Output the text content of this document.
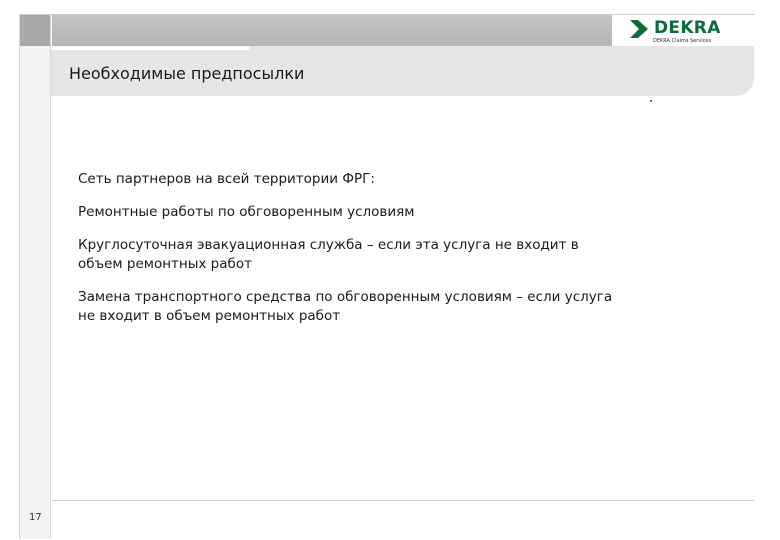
DEKRA
DEKRA Claims Services
Необходимые предпосылки
Сеть партнеров на всей территории ФРГ:
Ремонтные работы по обговоренным условиям
Круглосуточная эвакуационная служба – если эта услуга не входит в объем ремонтных работ
Замена транспортного средства по обговоренным условиям – если услуга не входит в объем ремонтных работ
17
